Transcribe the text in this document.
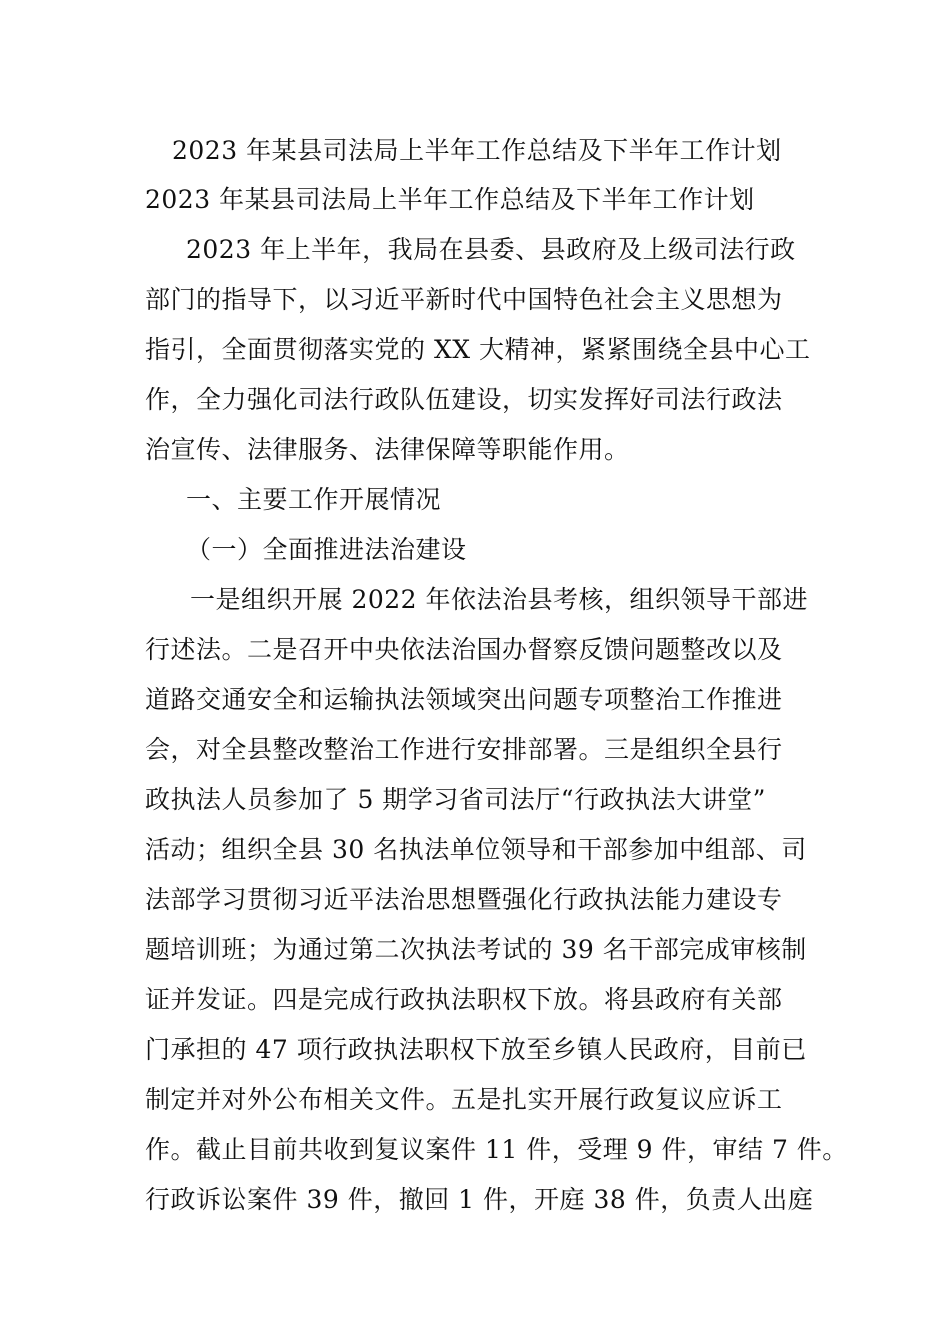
2023 年某县司法局上半年工作总结及下半年工作计划
2023 年某县司法局上半年工作总结及下半年工作计划
2023 年上半年，我局在县委、县政府及上级司法行政
部门的指导下，以习近平新时代中国特色社会主义思想为
指引，全面贯彻落实党的 XX 大精神，紧紧围绕全县中心工
作，全力强化司法行政队伍建设，切实发挥好司法行政法
治宣传、法律服务、法律保障等职能作用。
一、主要工作开展情况
（一）全面推进法治建设
一是组织开展 2022 年依法治县考核，组织领导干部进
行述法。二是召开中央依法治国办督察反馈问题整改以及
道路交通安全和运输执法领域突出问题专项整治工作推进
会，对全县整改整治工作进行安排部署。三是组织全县行
政执法人员参加了 5 期学习省司法厅“行政执法大讲堂”
活动；组织全县 30 名执法单位领导和干部参加中组部、司
法部学习贯彻习近平法治思想暨强化行政执法能力建设专
题培训班；为通过第二次执法考试的 39 名干部完成审核制
证并发证。四是完成行政执法职权下放。将县政府有关部
门承担的 47 项行政执法职权下放至乡镇人民政府，目前已
制定并对外公布相关文件。五是扎实开展行政复议应诉工
作。截止目前共收到复议案件 11 件，受理 9 件，审结 7 件。
行政诉讼案件 39 件，撤回 1 件，开庭 38 件，负责人出庭
